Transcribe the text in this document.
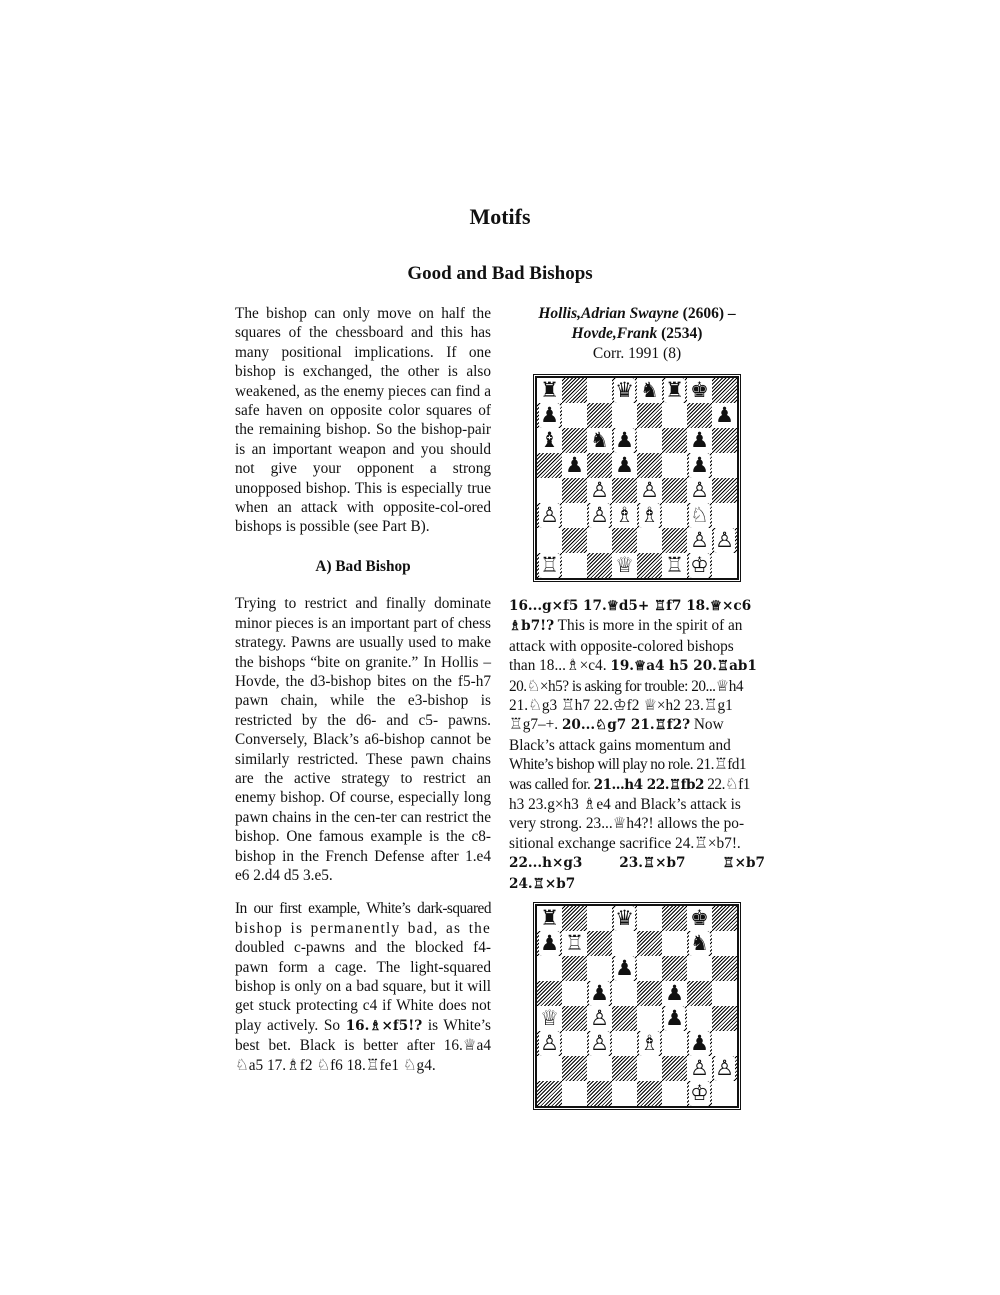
Motifs
Good and Bad Bishops

The bishop can only move on half the squares of the chessboard and this has many positional implications. If one bishop is exchanged, the other is also weakened, as the enemy pieces can find a safe haven on opposite color squares of the remaining bishop. So the bishop-pair is an important weapon and you should not give your opponent a strong unopposed bishop. This is especially true when an attack with opposite-col-ored bishops is possible (see Part B).

A) Bad Bishop

Trying to restrict and finally dominate minor pieces is an important part of chess strategy. Pawns are usually used to make the bishops “bite on granite.” In Hollis – Hovde, the d3-bishop bites on the f5-h7 pawn chain, while the e3-bishop is restricted by the d6- and c5- pawns. Conversely, Black’s a6-bishop cannot be similarly restricted. These pawn chains are the active strategy to restrict an enemy bishop. Of course, especially long pawn chains in the cen-ter can restrict the bishop. One famous example is the c8-bishop in the French Defense after 1.e4 e6 2.d4 d5 3.e5.

In our first example, White’s dark-squared bishop is permanently bad, as the doubled c-pawns and the blocked f4-pawn form a cage. The light-squared bishop is only on a bad square, but it will get stuck protecting c4 if White does not play actively. So 16.♗×f5!? is White’s best bet. Black is better after 16.♕a4 ♘a5 17.♗f2 ♘f6 18.♖fe1 ♘g4.

Hollis,Adrian Swayne (2606) –
Hovde,Frank (2534)
Corr. 1991 (8)
♜	♛ ♞ ♜ ♚
♟	♟
♝ ♞ ♟	♟
♟ ♟	♟
♙ ♙ ♙
♙ ♙ ♗ ♗ ♘
♙ ♙
♖	♕ ♖ ♔

16...g×f5 17.♕d5+ ♖f7 18.♕×c6

♗b7!? This is more in the spirit of an

attack with opposite-colored bishops

than 18...♗×c4. 19.♕a4 h5 20.♖ab1

20.♘×h5? is asking for trouble: 20...♕h4

21.♘g3 ♖h7 22.♔f2 ♕×h2 23.♖g1

♖g7–+. 20...♘g7 21.♖f2? Now

Black’s attack gains momentum and

White’s bishop will play no role. 21.♖fd1

was called for. 21...h4 22.♖fb2 22.♘f1

h3 23.g×h3 ♗e4 and Black’s attack is

very strong. 23...♕h4?! allows the po-

sitional exchange sacrifice 24.♖×b7!.

22...h×g3 23.♖×b7 ♖×b7 24.♖×b7

♜	♛	♚
♟ ♖	♞
♟
♟	♟
♕ ♙	♟
♙ ♙ ♗ ♟
♙ ♙
♔
